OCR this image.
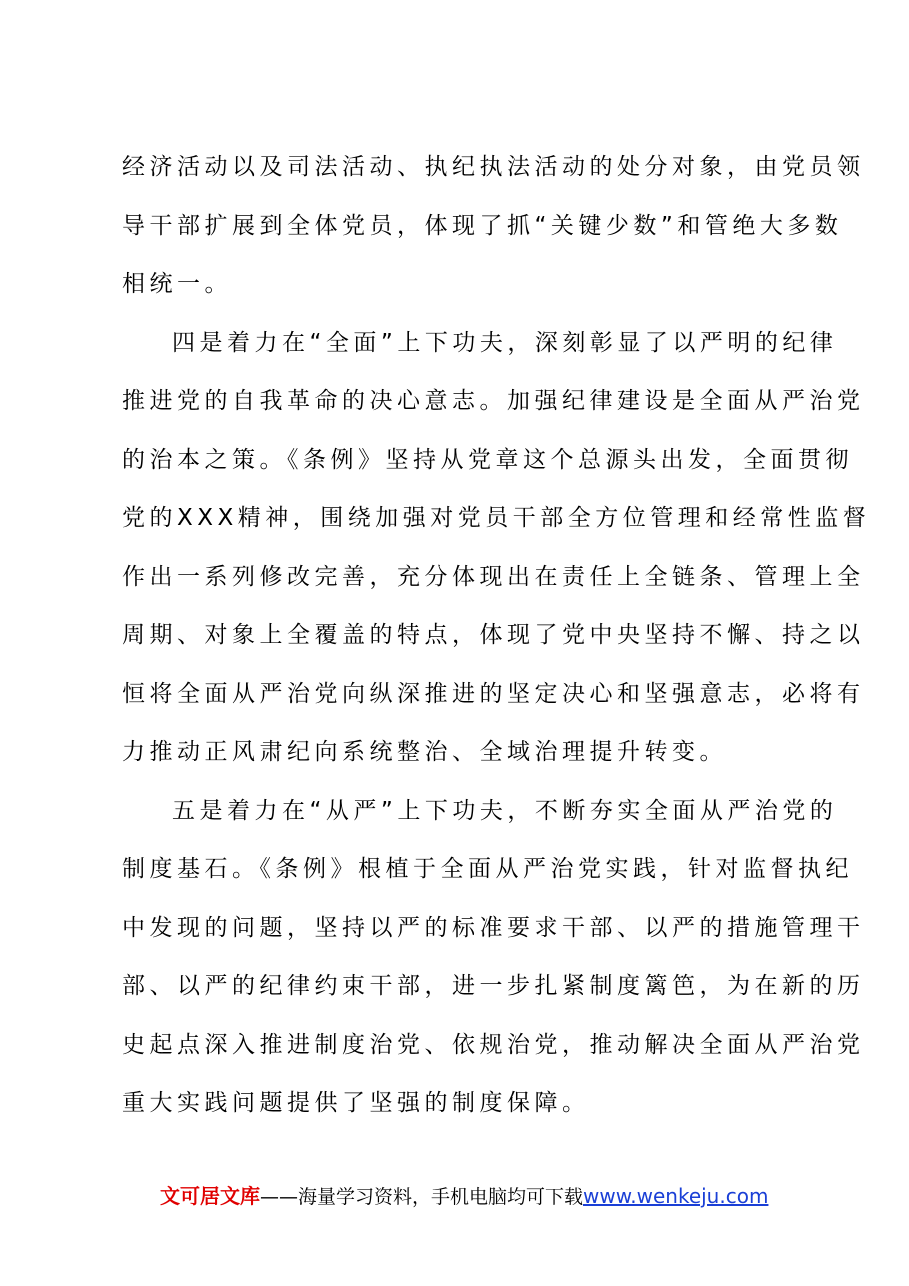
经济活动以及司法活动、执纪执法活动的处分对象，由党员领
导干部扩展到全体党员，体现了抓“关键少数”和管绝大多数
相统一。
四是着力在“全面”上下功夫，深刻彰显了以严明的纪律
推进党的自我革命的决心意志。加强纪律建设是全面从严治党
的治本之策。《条例》坚持从党章这个总源头出发，全面贯彻
党的XXX精神，围绕加强对党员干部全方位管理和经常性监督
作出一系列修改完善，充分体现出在责任上全链条、管理上全
周期、对象上全覆盖的特点，体现了党中央坚持不懈、持之以
恒将全面从严治党向纵深推进的坚定决心和坚强意志，必将有
力推动正风肃纪向系统整治、全域治理提升转变。
五是着力在“从严”上下功夫，不断夯实全面从严治党的
制度基石。《条例》根植于全面从严治党实践，针对监督执纪
中发现的问题，坚持以严的标准要求干部、以严的措施管理干
部、以严的纪律约束干部，进一步扎紧制度篱笆，为在新的历
史起点深入推进制度治党、依规治党，推动解决全面从严治党
重大实践问题提供了坚强的制度保障。
文可居文库——海量学习资料，手机电脑均可下载www.wenkeju.com
